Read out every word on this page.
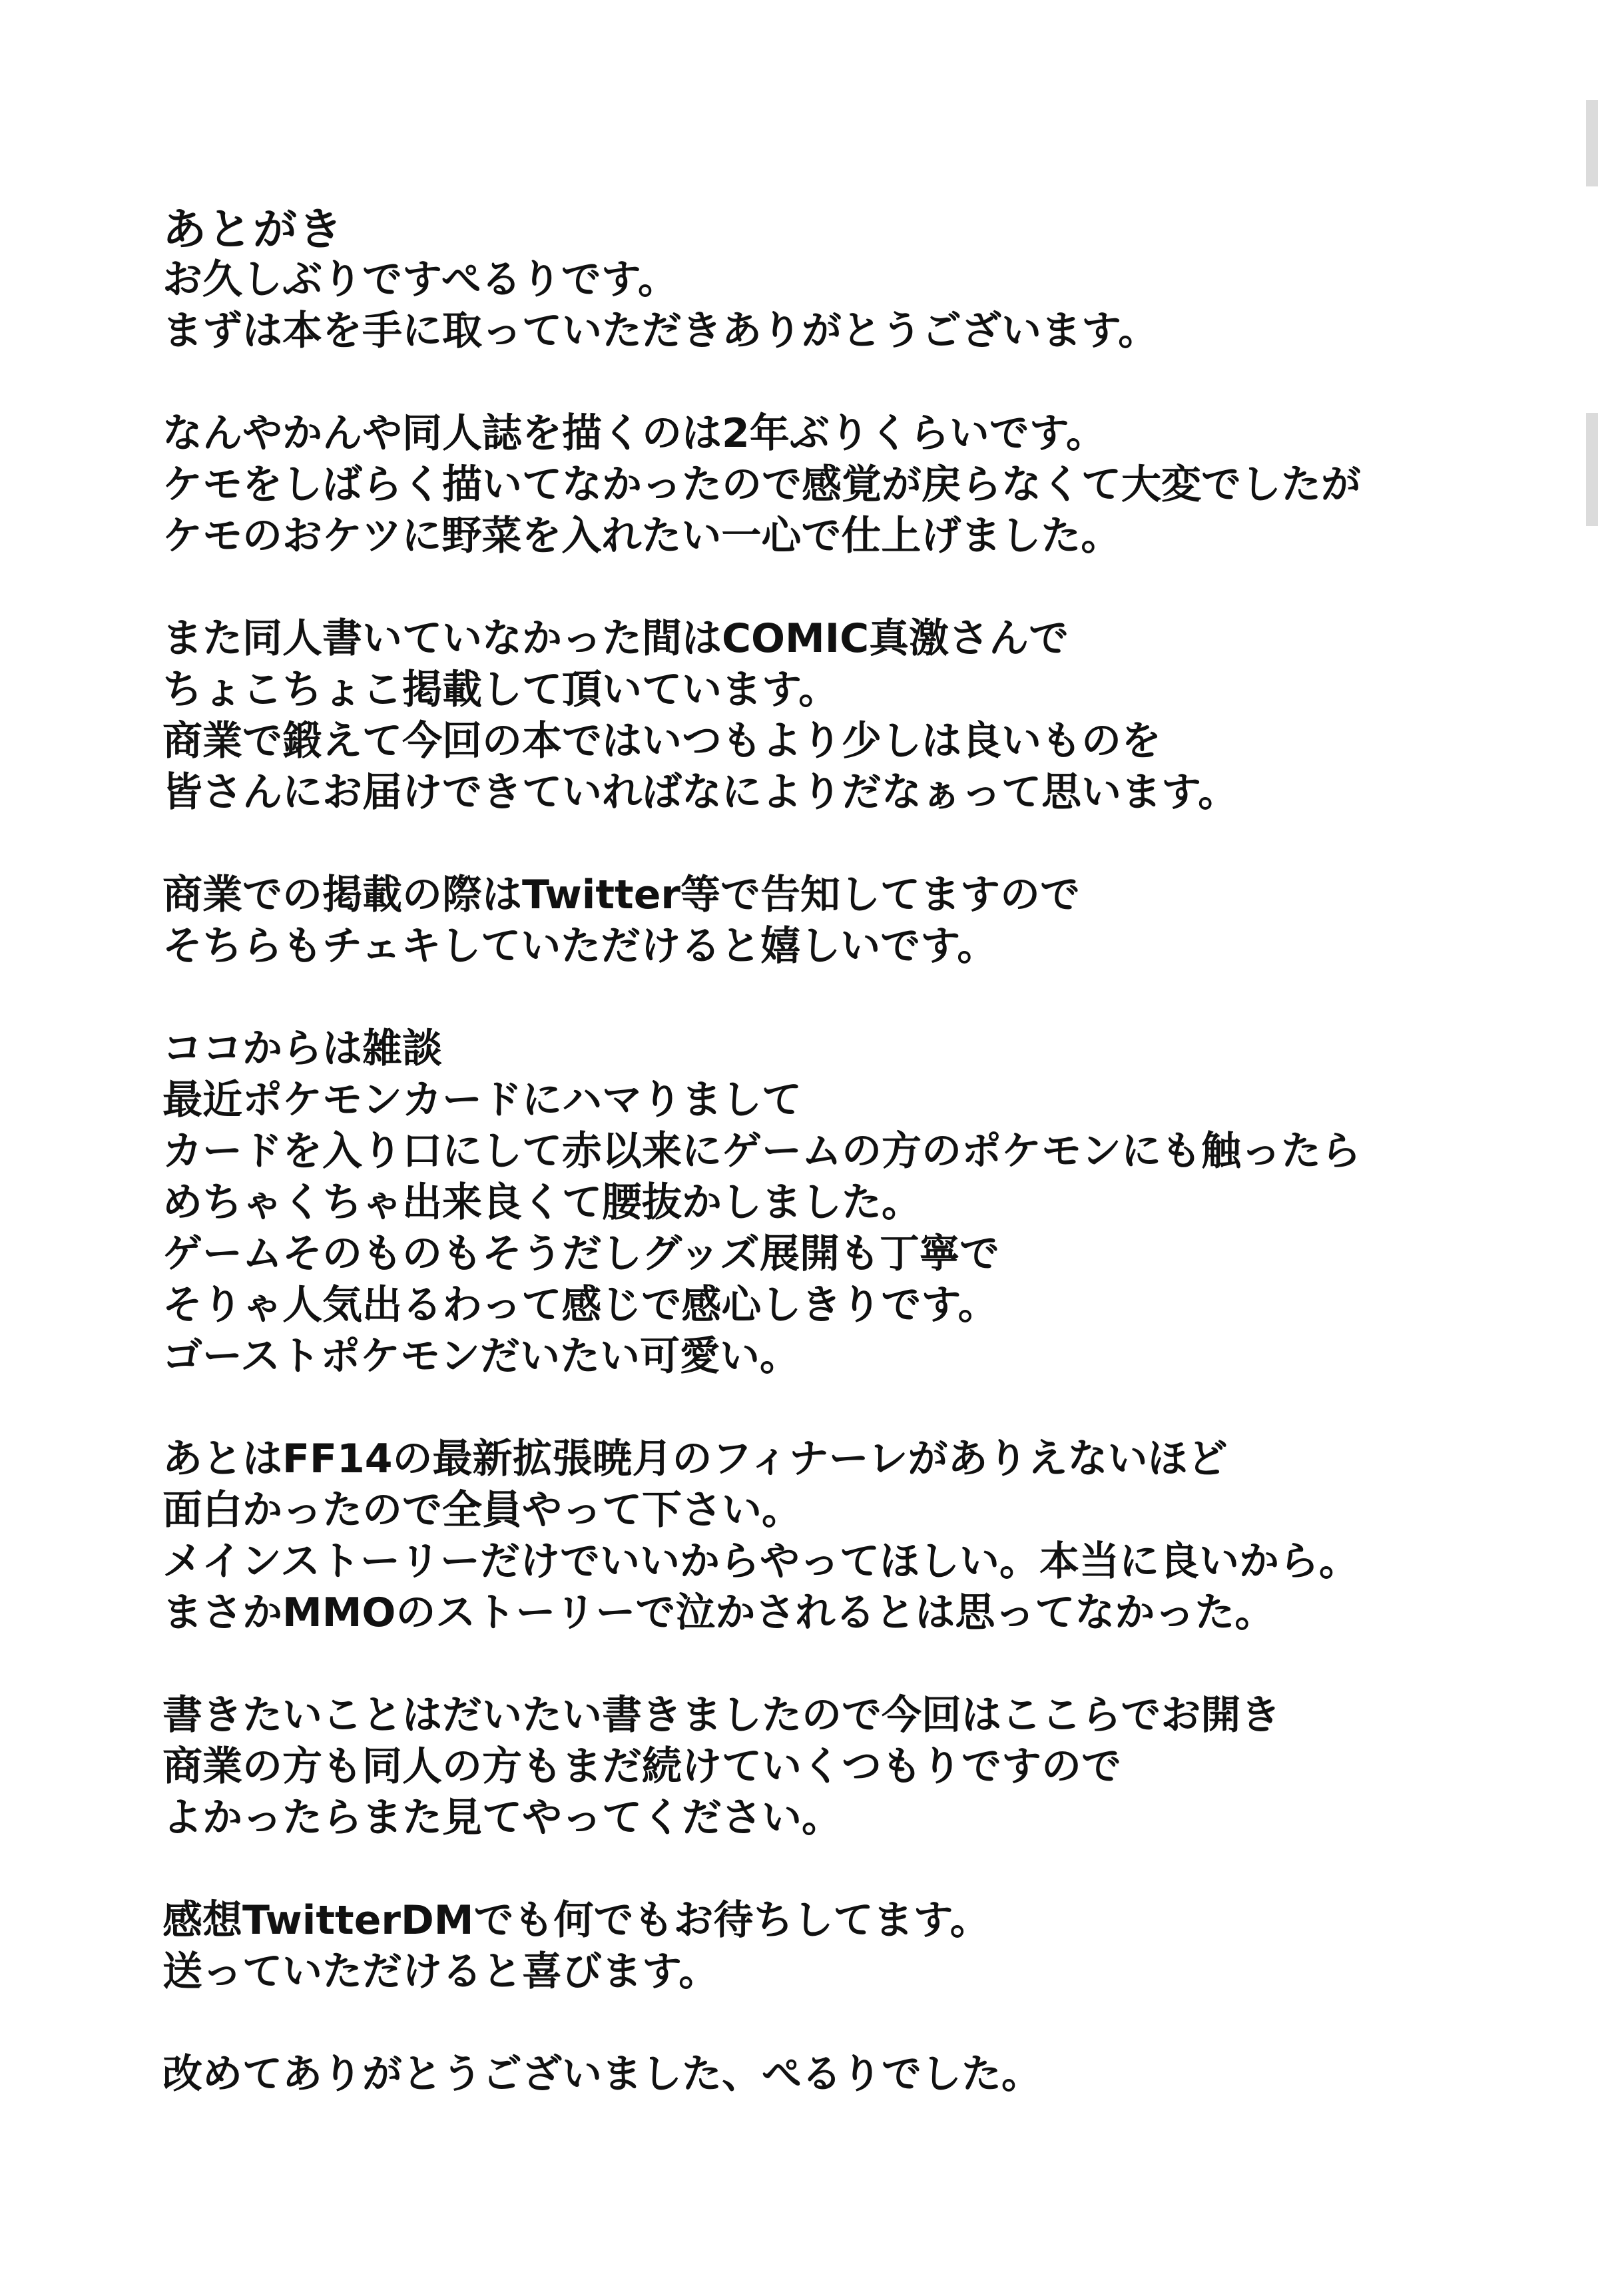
あとがき
お久しぶりですぺるりです。
まずは本を手に取っていただきありがとうございます。
なんやかんや同人誌を描くのは2年ぶりくらいです。
ケモをしばらく描いてなかったので感覚が戻らなくて大変でしたが
ケモのおケツに野菜を入れたい一心で仕上げました。
また同人書いていなかった間はCOMIC真激さんで
ちょこちょこ掲載して頂いています。
商業で鍛えて今回の本ではいつもより少しは良いものを
皆さんにお届けできていればなによりだなぁって思います。
商業での掲載の際はTwitter等で告知してますので
そちらもチェキしていただけると嬉しいです。
ココからは雑談
最近ポケモンカードにハマりまして
カードを入り口にして赤以来にゲームの方のポケモンにも触ったら
めちゃくちゃ出来良くて腰抜かしました。
ゲームそのものもそうだしグッズ展開も丁寧で
そりゃ人気出るわって感じで感心しきりです。
ゴーストポケモンだいたい可愛い。
あとはFF14の最新拡張暁月のフィナーレがありえないほど
面白かったので全員やって下さい。
メインストーリーだけでいいからやってほしい。本当に良いから。
まさかMMOのストーリーで泣かされるとは思ってなかった。
書きたいことはだいたい書きましたので今回はここらでお開き
商業の方も同人の方もまだ続けていくつもりですので
よかったらまた見てやってください。
感想TwitterDMでも何でもお待ちしてます。
送っていただけると喜びます。
改めてありがとうございました、ぺるりでした。
